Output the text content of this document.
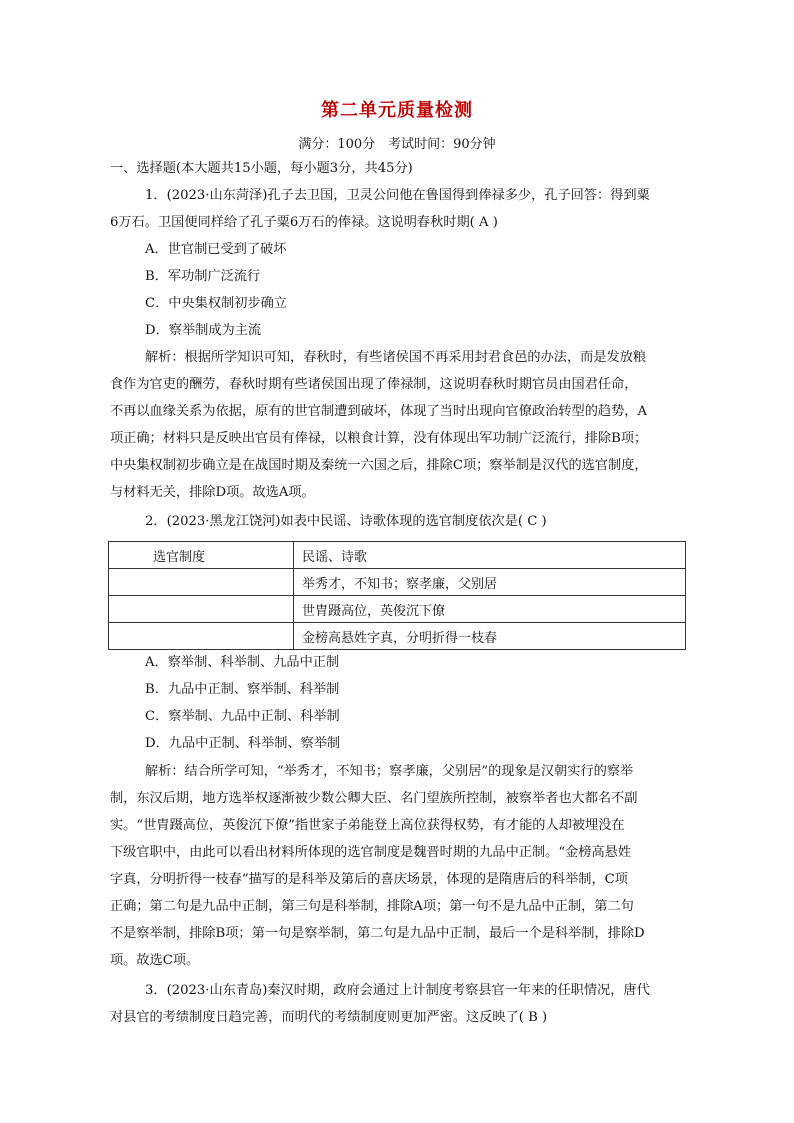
第二单元质量检测
满分：100分　考试时间：90分钟
一、选择题(本大题共15小题，每小题3分，共45分)
1．(2023·山东菏泽)孔子去卫国，卫灵公问他在鲁国得到俸禄多少，孔子回答：得到粟
6万石。卫国便同样给了孔子粟6万石的俸禄。这说明春秋时期( A )
A．世官制已受到了破坏
B．军功制广泛流行
C．中央集权制初步确立
D．察举制成为主流
解析：根据所学知识可知，春秋时，有些诸侯国不再采用封君食邑的办法，而是发放粮
食作为官吏的酬劳，春秋时期有些诸侯国出现了俸禄制，这说明春秋时期官员由国君任命，
不再以血缘关系为依据，原有的世官制遭到破坏，体现了当时出现向官僚政治转型的趋势，A
项正确；材料只是反映出官员有俸禄，以粮食计算，没有体现出军功制广泛流行，排除B项；
中央集权制初步确立是在战国时期及秦统一六国之后，排除C项；察举制是汉代的选官制度，
与材料无关，排除D项。故选A项。
2．(2023·黑龙江饶河)如表中民谣、诗歌体现的选官制度依次是( C )
选官制度	民谣、诗歌
	举秀才，不知书；察孝廉，父别居
	世胄蹑高位，英俊沉下僚
	金榜高悬姓字真，分明折得一枝春
A．察举制、科举制、九品中正制
B．九品中正制、察举制、科举制
C．察举制、九品中正制、科举制
D．九品中正制、科举制、察举制
解析：结合所学可知，“举秀才，不知书；察孝廉，父别居”的现象是汉朝实行的察举
制，东汉后期，地方选举权逐渐被少数公卿大臣、名门望族所控制，被察举者也大都名不副
实。“世胄蹑高位，英俊沉下僚”指世家子弟能登上高位获得权势，有才能的人却被埋没在
下级官职中，由此可以看出材料所体现的选官制度是魏晋时期的九品中正制。“金榜高悬姓
字真，分明折得一枝春”描写的是科举及第后的喜庆场景，体现的是隋唐后的科举制，C项
正确；第二句是九品中正制，第三句是科举制，排除A项；第一句不是九品中正制，第二句
不是察举制，排除B项；第一句是察举制，第二句是九品中正制，最后一个是科举制，排除D
项。故选C项。
3．(2023·山东青岛)秦汉时期，政府会通过上计制度考察县官一年来的任职情况，唐代
对县官的考绩制度日趋完善，而明代的考绩制度则更加严密。这反映了( B )
